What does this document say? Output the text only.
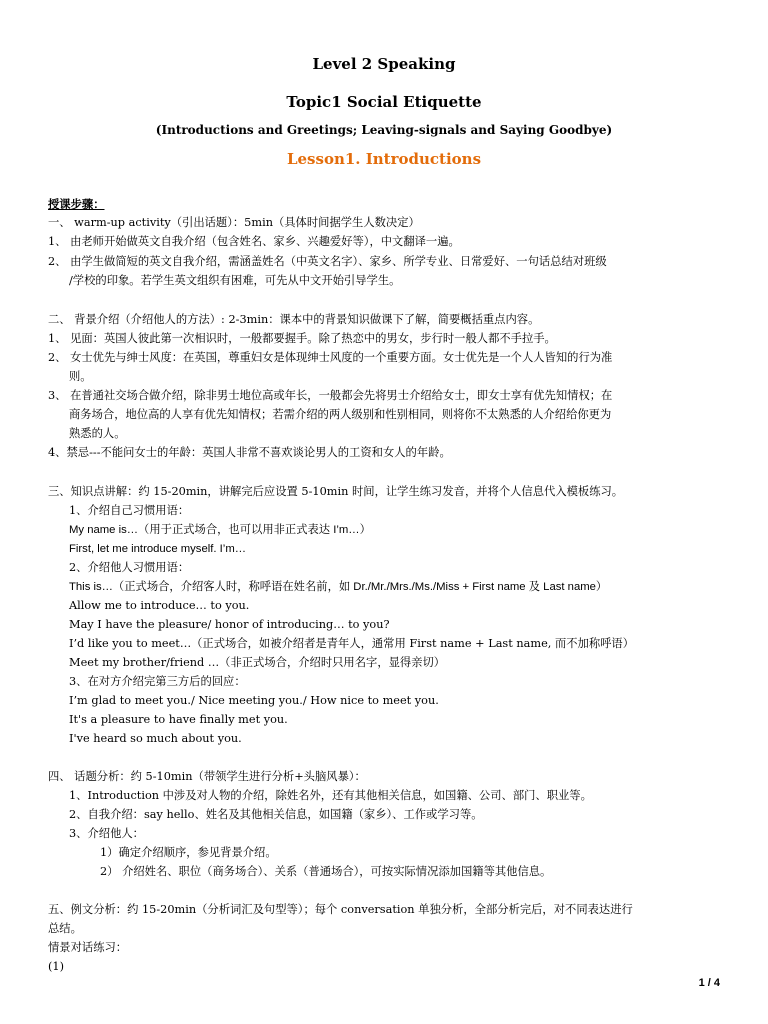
Level 2 Speaking
Topic1 Social Etiquette
(Introductions and Greetings; Leaving-signals and Saying Goodbye)
Lesson1. Introductions
授课步骤：
一、 warm-up activity（引出话题）：5min（具体时间据学生人数决定）
1、 由老师开始做英文自我介绍（包含姓名、家乡、兴趣爱好等），中文翻译一遍。
2、 由学生做简短的英文自我介绍，需涵盖姓名（中英文名字）、家乡、所学专业、日常爱好、一句话总结对班级
/学校的印象。若学生英文组织有困难，可先从中文开始引导学生。
二、 背景介绍（介绍他人的方法）: 2-3min：课本中的背景知识做课下了解，简要概括重点内容。
1、 见面：英国人彼此第一次相识时，一般都要握手。除了热恋中的男女，步行时一般人都不手拉手。
2、 女士优先与绅士风度：在英国，尊重妇女是体现绅士风度的一个重要方面。女士优先是一个人人皆知的行为准
则。
3、 在普通社交场合做介绍，除非男士地位高或年长，一般都会先将男士介绍给女士，即女士享有优先知情权；在
商务场合，地位高的人享有优先知情权；若需介绍的两人级别和性别相同，则将你不太熟悉的人介绍给你更为
熟悉的人。
4、禁忌---不能问女士的年龄：英国人非常不喜欢谈论男人的工资和女人的年龄。
三、知识点讲解：约 15-20min，讲解完后应设置 5-10min 时间，让学生练习发音，并将个人信息代入模板练习。
1、介绍自己习惯用语：
My name is…（用于正式场合，也可以用非正式表达 I’m…）
First, let me introduce myself. I’m…
2、介绍他人习惯用语：
This is…（正式场合，介绍客人时，称呼语在姓名前，如 Dr./Mr./Mrs./Ms./Miss + First name 及 Last name）
Allow me to introduce… to you.
May I have the pleasure/ honor of introducing… to you?
I’d like you to meet…（正式场合，如被介绍者是青年人，通常用 First name + Last name, 而不加称呼语）
Meet my brother/friend …（非正式场合，介绍时只用名字，显得亲切）
3、在对方介绍完第三方后的回应：
I’m glad to meet you./ Nice meeting you./ How nice to meet you.
It's a pleasure to have finally met you.
I've heard so much about you.
四、 话题分析：约 5-10min（带领学生进行分析+头脑风暴）：
1、Introduction 中涉及对人物的介绍，除姓名外，还有其他相关信息，如国籍、公司、部门、职业等。
2、自我介绍：say hello、姓名及其他相关信息，如国籍（家乡）、工作或学习等。
3、介绍他人：
1）确定介绍顺序，参见背景介绍。
2） 介绍姓名、职位（商务场合）、关系（普通场合），可按实际情况添加国籍等其他信息。
五、例文分析：约 15-20min（分析词汇及句型等）；每个 conversation 单独分析，全部分析完后，对不同表达进行
总结。
情景对话练习：
(1)
1 / 4
